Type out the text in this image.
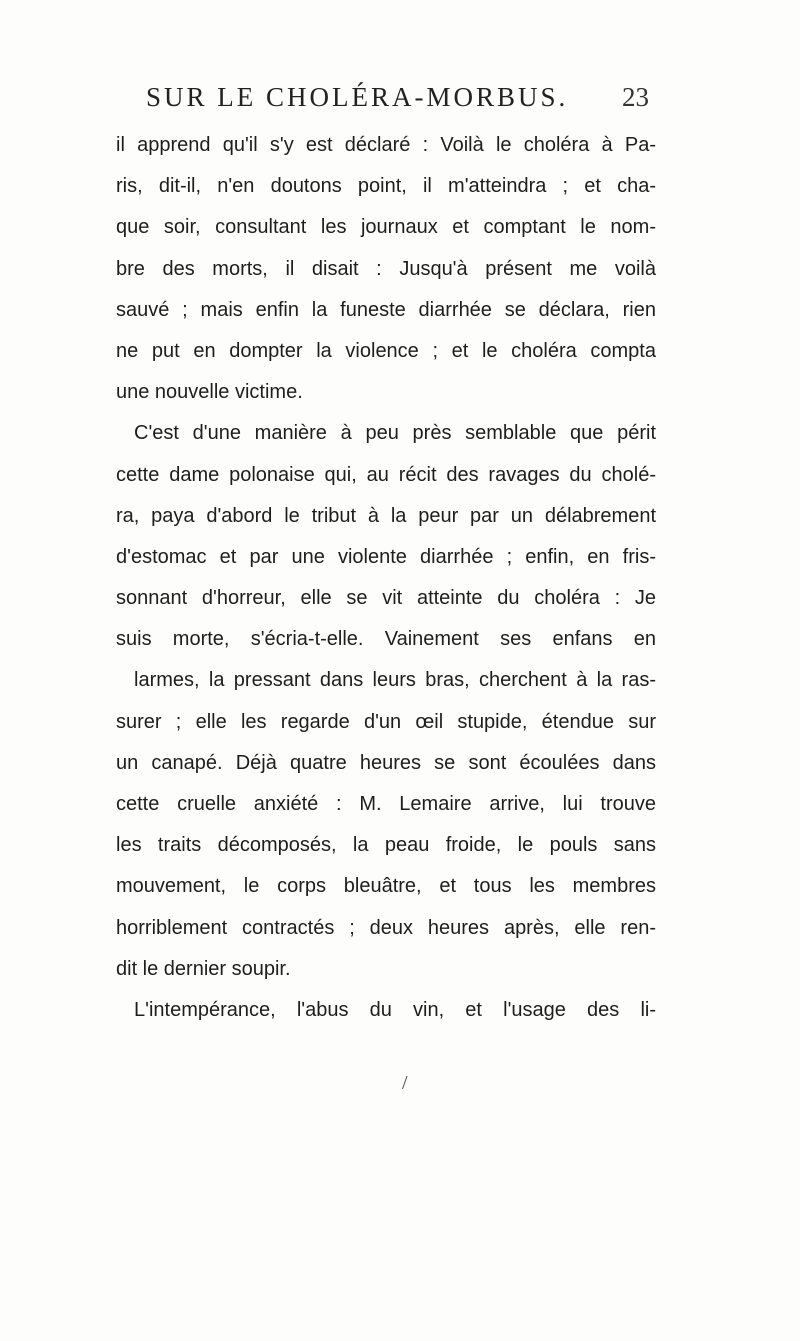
SUR LE CHOLÉRA-MORBUS. 23
il apprend qu'il s'y est déclaré : Voilà le choléra à Pa-
ris, dit-il, n'en doutons point, il m'atteindra ; et cha-
que soir, consultant les journaux et comptant le nom-
bre des morts, il disait : Jusqu'à présent me voilà
sauvé ; mais enfin la funeste diarrhée se déclara, rien
ne put en dompter la violence ; et le choléra compta
une nouvelle victime.
C'est d'une manière à peu près semblable que périt
cette dame polonaise qui, au récit des ravages du cholé-
ra, paya d'abord le tribut à la peur par un délabrement
d'estomac et par une violente diarrhée ; enfin, en fris-
sonnant d'horreur, elle se vit atteinte du choléra : Je
suis morte, s'écria-t-elle. Vainement ses enfans en
larmes, la pressant dans leurs bras, cherchent à la ras-
surer ; elle les regarde d'un œil stupide, étendue sur
un canapé. Déjà quatre heures se sont écoulées dans
cette cruelle anxiété : M. Lemaire arrive, lui trouve
les traits décomposés, la peau froide, le pouls sans
mouvement, le corps bleuâtre, et tous les membres
horriblement contractés ; deux heures après, elle ren-
dit le dernier soupir.
L'intempérance, l'abus du vin, et l'usage des li-
/
